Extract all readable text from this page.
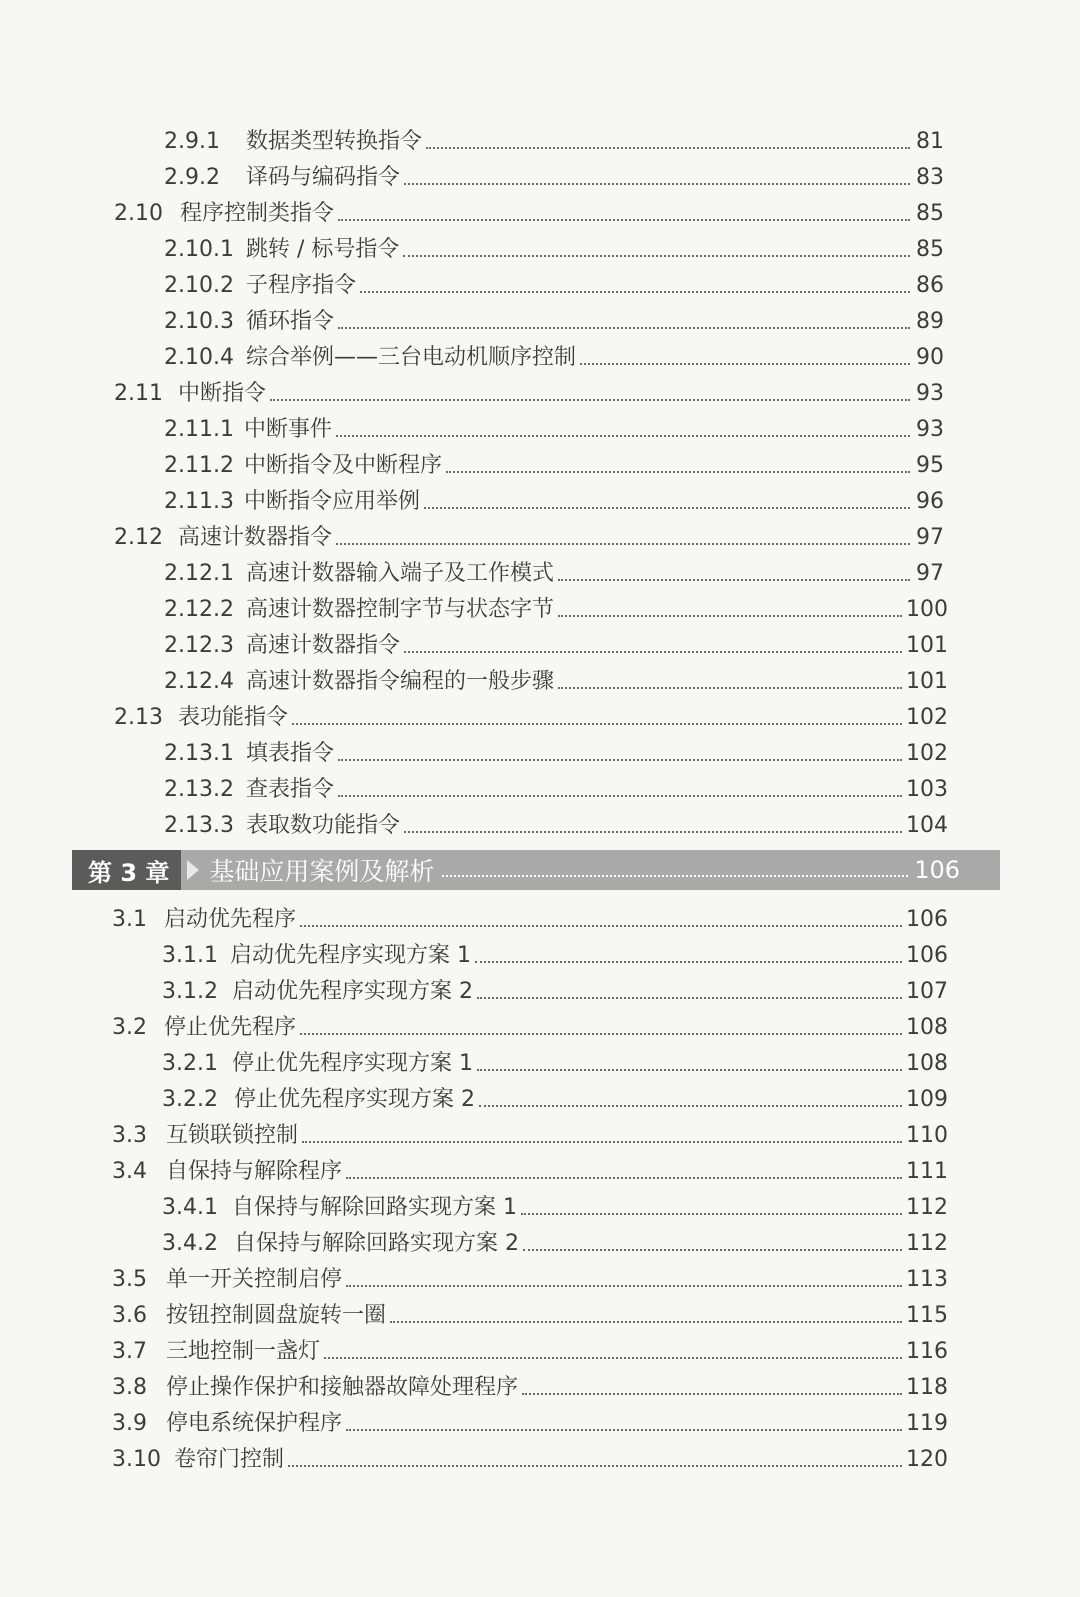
2.9.1	数据类型转换指令	81
2.9.2	译码与编码指令	83
2.10 程序控制类指令	85
2.10.1 跳转 / 标号指令	85
2.10.2 子程序指令	86
2.10.3 循环指令	89
2.10.4 综合举例——三台电动机顺序控制	90
2.11 中断指令	93
2.11.1 中断事件	93
2.11.2 中断指令及中断程序	95
2.11.3 中断指令应用举例	96
2.12 高速计数器指令	97
2.12.1 高速计数器输入端子及工作模式	97
2.12.2 高速计数器控制字节与状态字节	100
2.12.3 高速计数器指令	101
2.12.4 高速计数器指令编程的一般步骤	101
2.13 表功能指令	102
2.13.1 填表指令	102
2.13.2 查表指令	103
2.13.3 表取数功能指令	104
第 3 章	基础应用案例及解析	106
3.1 启动优先程序	106
3.1.1 启动优先程序实现方案 1	106
3.1.2 启动优先程序实现方案 2	107
3.2 停止优先程序	108
3.2.1 停止优先程序实现方案 1	108
3.2.2 停止优先程序实现方案 2	109
3.3 互锁联锁控制	110
3.4 自保持与解除程序	111
3.4.1 自保持与解除回路实现方案 1	112
3.4.2 自保持与解除回路实现方案 2	112
3.5 单一开关控制启停	113
3.6 按钮控制圆盘旋转一圈	115
3.7 三地控制一盏灯	116
3.8 停止操作保护和接触器故障处理程序	118
3.9 停电系统保护程序	119
3.10 卷帘门控制	120
